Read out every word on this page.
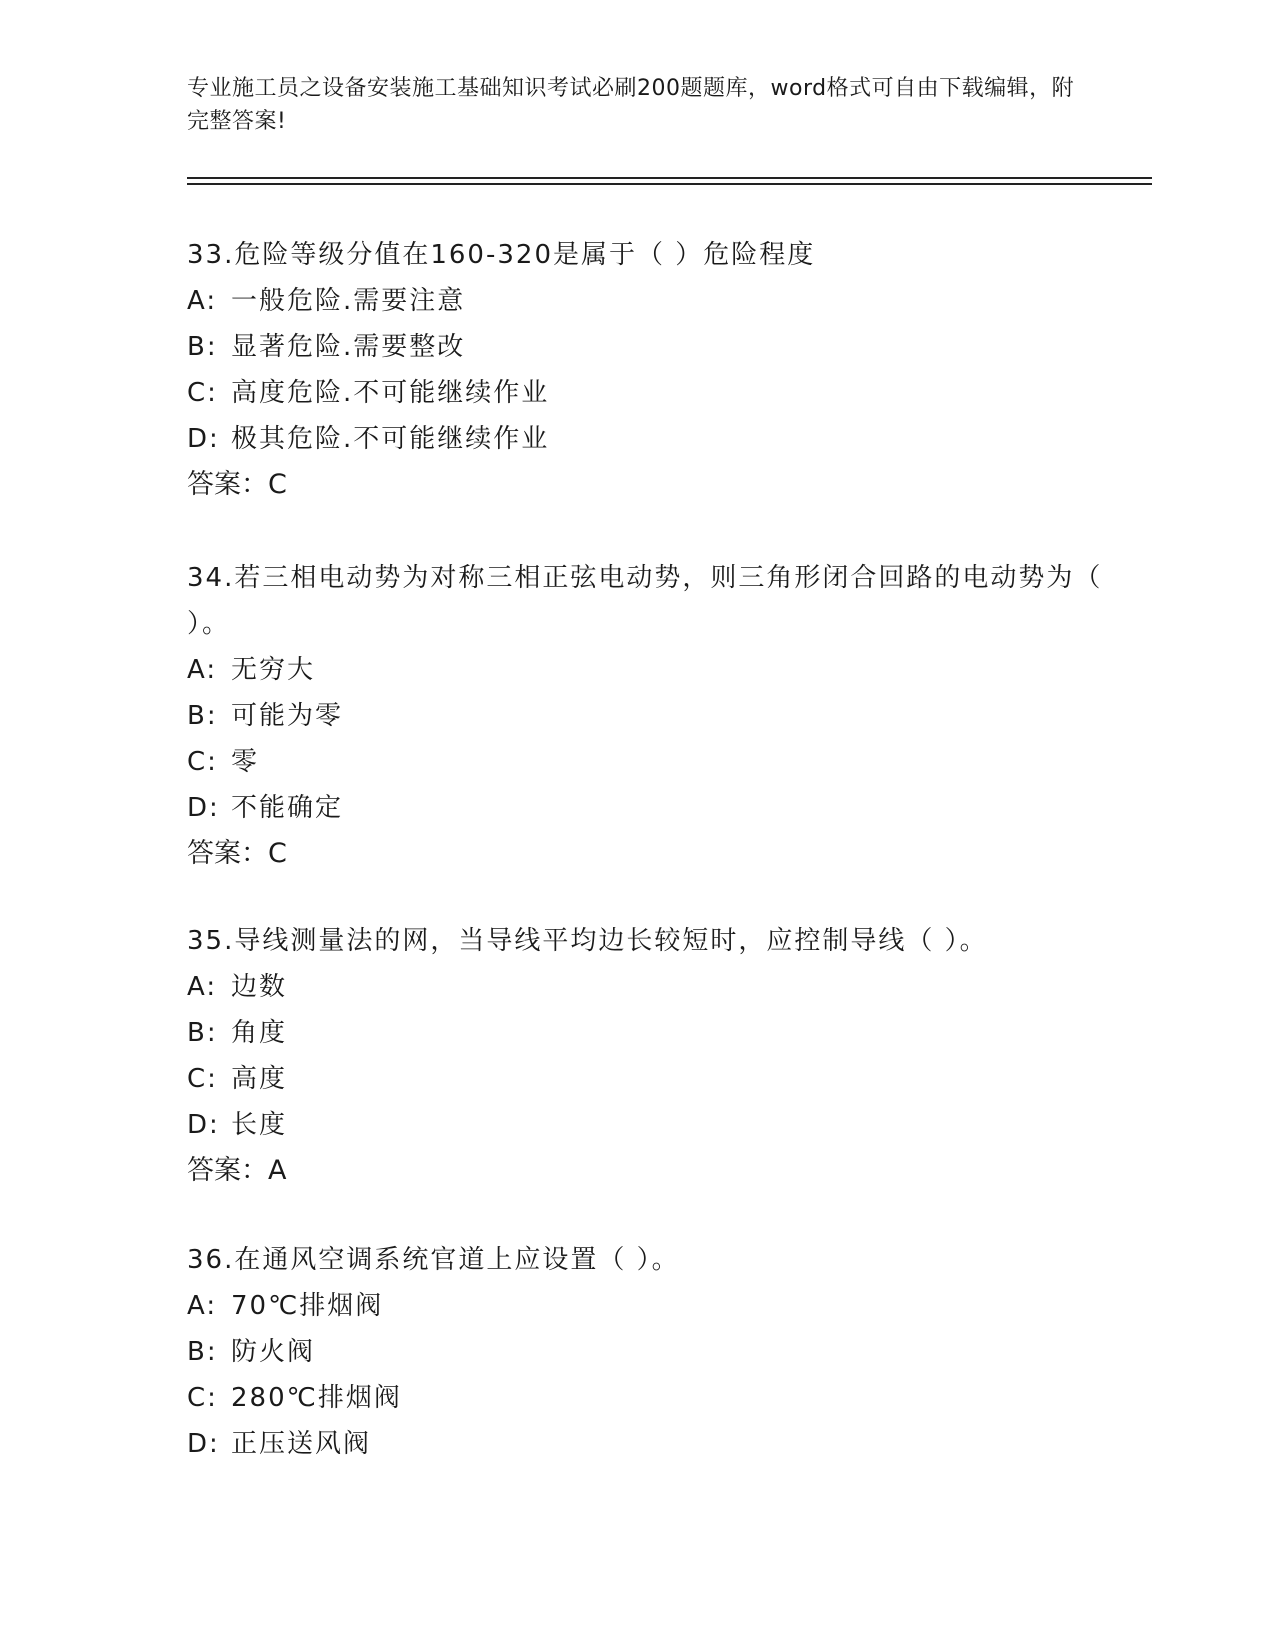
专业施工员之设备安装施工基础知识考试必刷200题题库，word格式可自由下载编辑，附完整答案!

33.危险等级分值在160-320是属于（ ）危险程度

A: 一般危险.需要注意

B: 显著危险.需要整改

C: 高度危险.不可能继续作业

D: 极其危险.不可能继续作业

答案：C

34.若三相电动势为对称三相正弦电动势，则三角形闭合回路的电动势为（ ）。

A: 无穷大

B: 可能为零

C: 零

D: 不能确定

答案：C

35.导线测量法的网，当导线平均边长较短时，应控制导线（ ）。

A: 边数

B: 角度

C: 高度

D: 长度

答案：A

36.在通风空调系统官道上应设置（ ）。

A: 70℃排烟阀

B: 防火阀

C: 280℃排烟阀

D: 正压送风阀
